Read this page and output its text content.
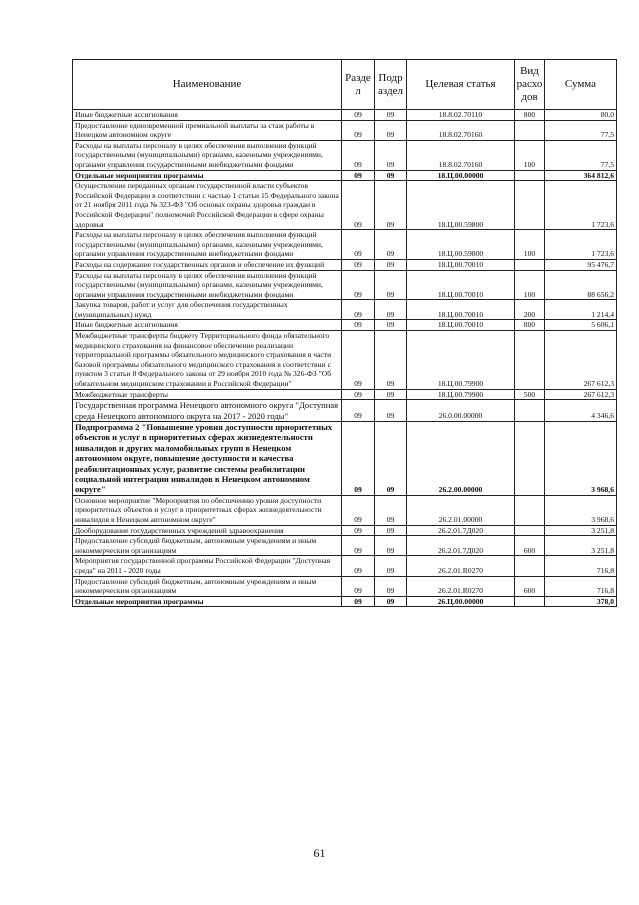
Наименование	Разде л	Подр аздел	Целевая статья	Вид расхо дов	Сумма
Иные бюджетные ассигнования	09	09	18.8.02.70110	800	80,0
Предоставление единовременной премиальной выплаты за стаж работы в Ненецком автономном округе	09	09	18.8.02.70160		77,5
Расходы на выплаты персоналу в целях обеспечения выполнения функций государственными (муниципальными) органами, казенными учреждениями, органами управления государственными внебюджетными фондами	09	09	18.8.02.70160	100	77,5
Отдельные мероприятия программы	09	09	18.Ц.00.00000		364 812,6
Осуществление переданных органам государственной власти субъектов Российской Федерации в соответствии с частью 1 статьи 15 Федерального закона от 21 ноября 2011 года № 323-ФЗ "Об основах охраны здоровья граждан в Российской Федерации" полномочий Российской Федерации в сфере охраны здоровья	09	09	18.Ц.00.59800		1 723,6
Расходы на выплаты персоналу в целях обеспечения выполнения функций государственными (муниципальными) органами, казенными учреждениями, органами управления государственными внебюджетными фондами	09	09	18.Ц.00.59800	100	1 723,6
Расходы на содержание государственных органов и обеспечение их функций	09	09	18.Ц.00.70010		95 476,7
Расходы на выплаты персоналу в целях обеспечения выполнения функций государственными (муниципальными) органами, казенными учреждениями, органами управления государственными внебюджетными фондами	09	09	18.Ц.00.70010	100	88 656,2
Закупка товаров, работ и услуг для обеспечения государственных (муниципальных) нужд	09	09	18.Ц.00.70010	200	1 214,4
Иные бюджетные ассигнования	09	09	18.Ц.00.70010	800	5 606,1
Межбюджетные трансферты бюджету Территориального фонда обязательного медицинского страхования на финансовое обеспечение реализации территориальной программы обязательного медицинского страхования в части базовой программы обязательного медицинского страхования в соответствии с пунктом 3 статьи 8 Федерального закона от 29 ноября 2010 года № 326-ФЗ "Об обязательном медицинском страховании в Российской Федерации"	09	09	18.Ц.00.79900		267 612,3
Межбюджетные трансферты	09	09	18.Ц.00.79900	500	267 612,3
Государственная программа Ненецкого автономного округа "Доступная среда Ненецкого автономного округа на 2017 - 2020 годы"	09	09	26.0.00.00000		4 346,6
Подпрограмма 2 "Повышение уровня доступности приоритетных объектов и услуг в приоритетных сферах жизнедеятельности инвалидов и других маломобильных групп в Ненецком автономном округе, повышение доступности и качества реабилитационных услуг, развитие системы реабилитации социальной интеграции инвалидов в Ненецком автономном округе"	09	09	26.2.00.00000		3 968,6
Основное мероприятие "Мероприятия по обеспечению уровня доступности приоритетных объектов и услуг в приоритетных сферах жизнедеятельности инвалидов в Ненецком автономном округе"	09	09	26.2.01.00000		3 968,6
Дооборудование государственных учреждений здравоохранения	09	09	26.2.01.7Д020		3 251,8
Предоставление субсидий бюджетным, автономным учреждениям и иным некоммерческим организациям	09	09	26.2.01.7Д020	600	3 251,8
Мероприятия государственной программы Российской Федерации "Доступная среда" на 2011 - 2020 годы	09	09	26.2.01.R0270		716,8
Предоставление субсидий бюджетным, автономным учреждениям и иным некоммерческим организациям	09	09	26.2.01.R0270	600	716,8
Отдельные мероприятия программы	09	09	26.Ц.00.00000		378,0
61
